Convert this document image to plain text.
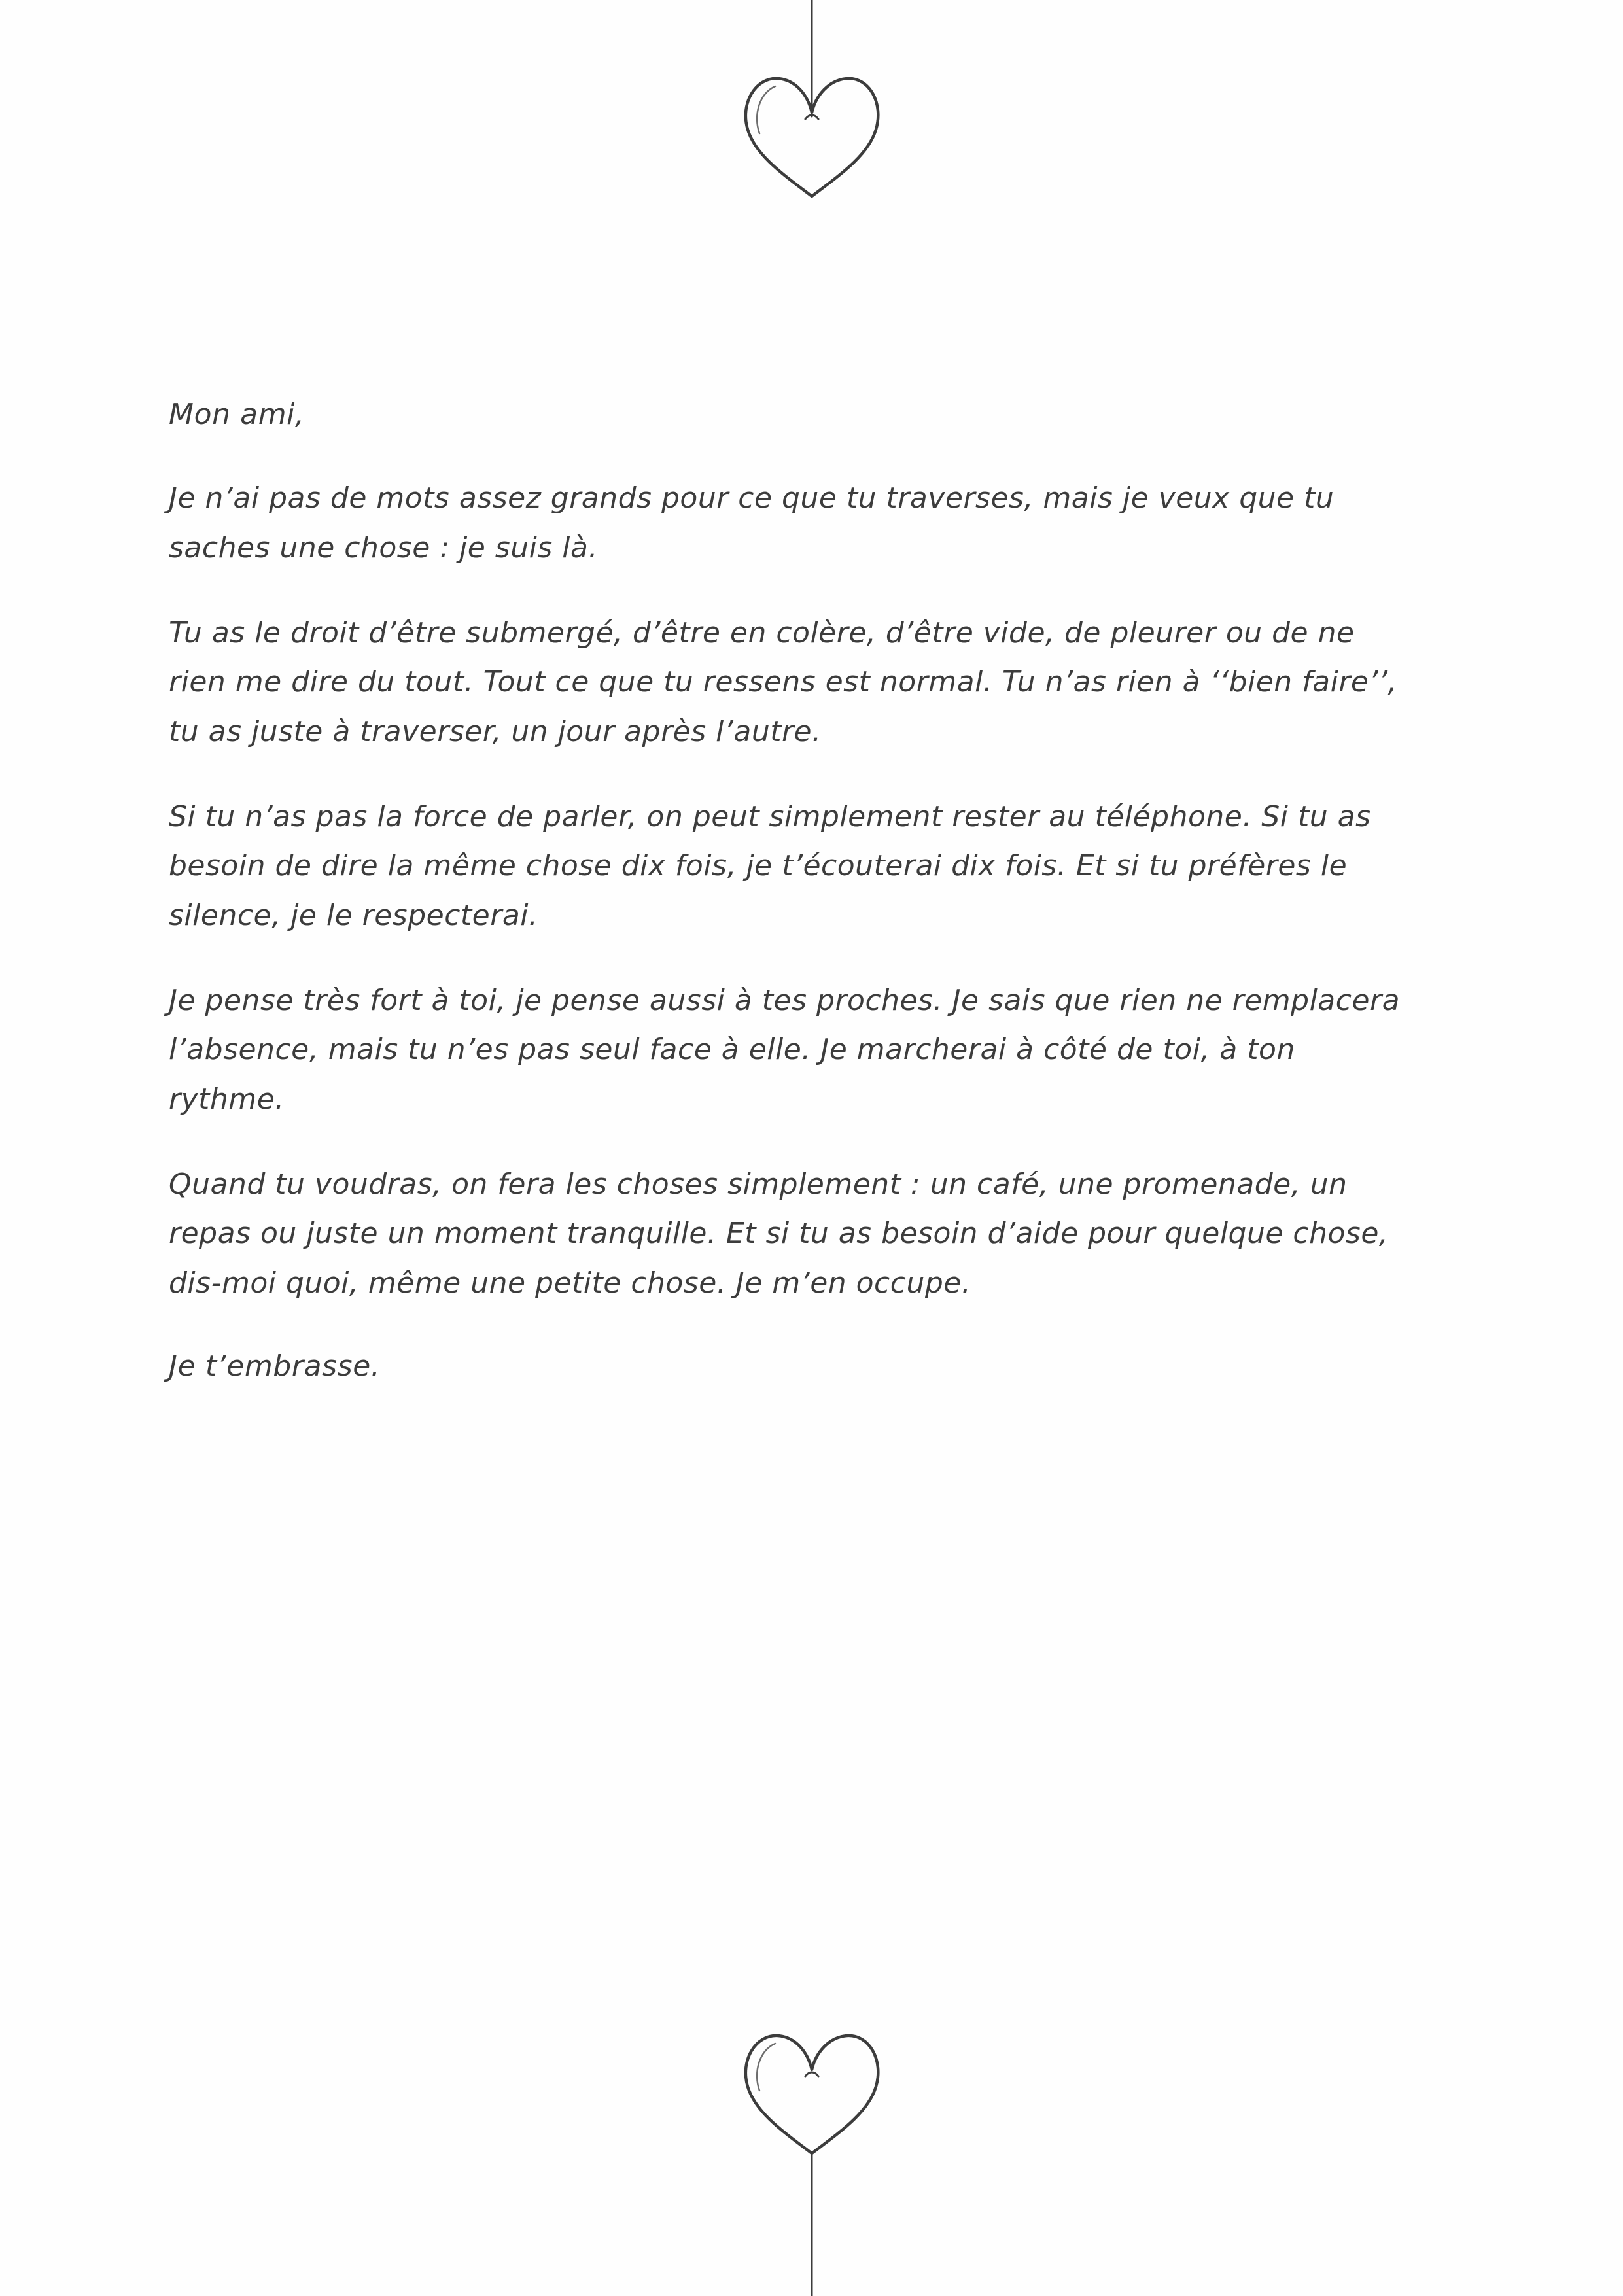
Mon ami,

Je n’ai pas de mots assez grands pour ce que tu traverses, mais je veux que tu saches une chose : je suis là.

Tu as le droit d’être submergé, d’être en colère, d’être vide, de pleurer ou de ne rien me dire du tout. Tout ce que tu ressens est normal. Tu n’as rien à ‘‘bien faire’’, tu as juste à traverser, un jour après l’autre.

Si tu n’as pas la force de parler, on peut simplement rester au téléphone. Si tu as besoin de dire la même chose dix fois, je t’écouterai dix fois. Et si tu préfères le silence, je le respecterai.

Je pense très fort à toi, je pense aussi à tes proches. Je sais que rien ne remplacera l’absence, mais tu n’es pas seul face à elle. Je marcherai à côté de toi, à ton rythme.

Quand tu voudras, on fera les choses simplement : un café, une promenade, un repas ou juste un moment tranquille. Et si tu as besoin d’aide pour quelque chose, dis-moi quoi, même une petite chose. Je m’en occupe.

Je t’embrasse.
